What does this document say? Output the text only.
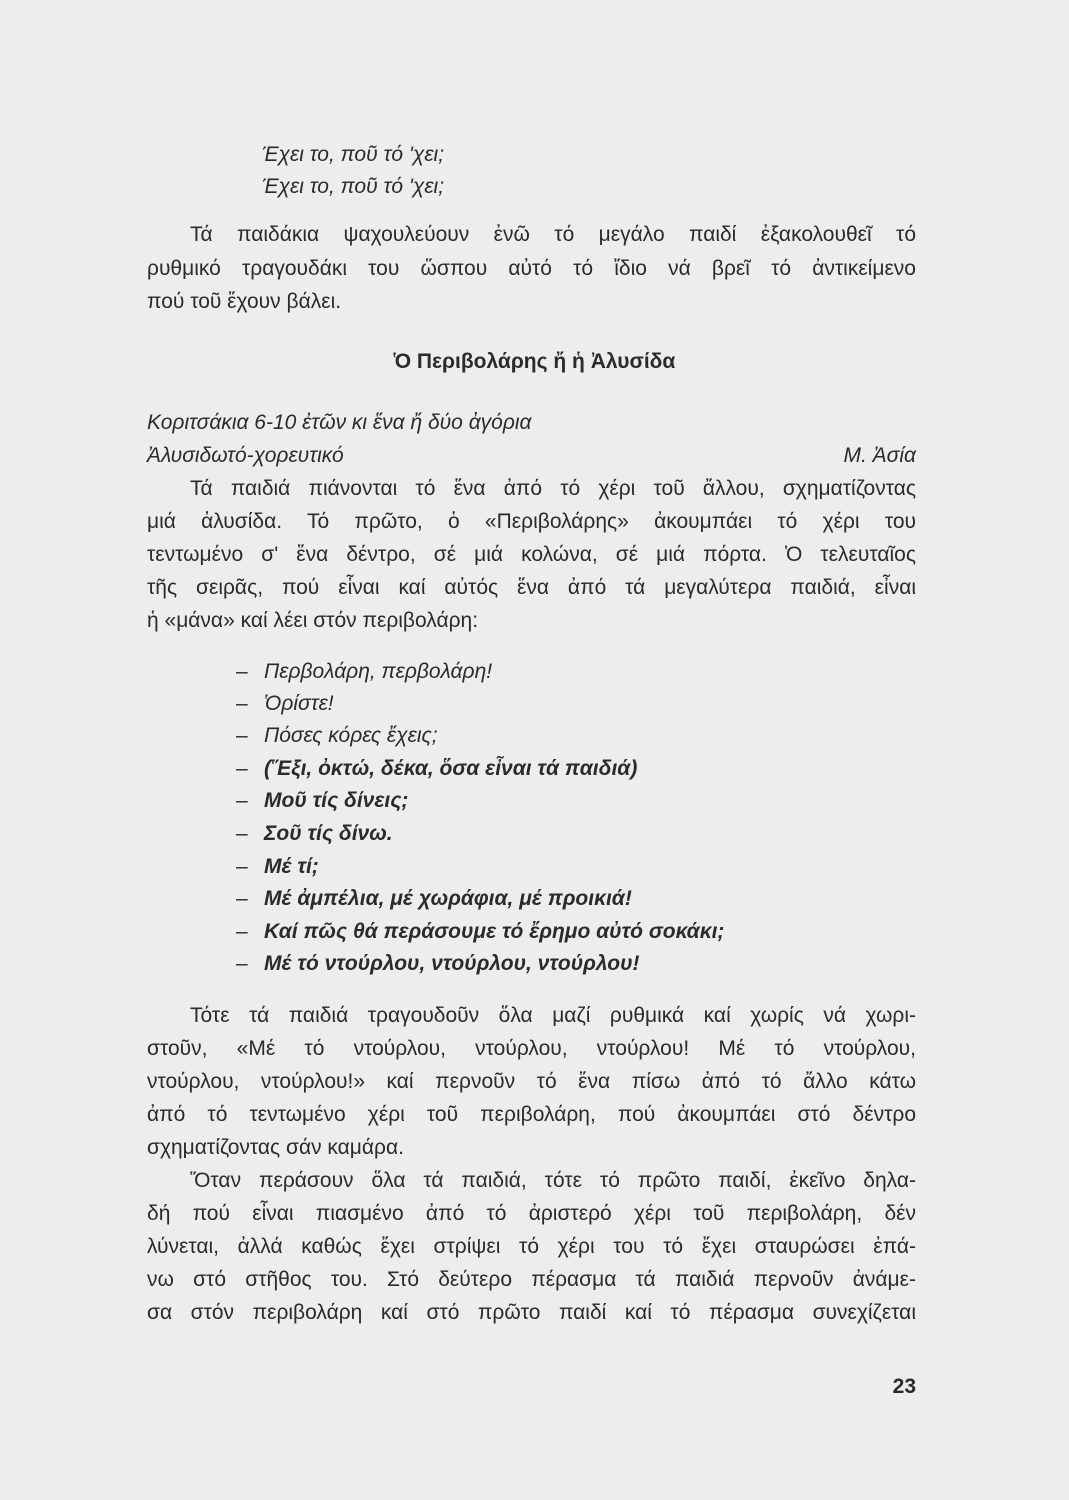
Έχει το, ποῦ τό 'χει;

Έχει το, ποῦ τό 'χει;

Τά παιδάκια ψαχουλεύουν ἐνῶ τό μεγάλο παιδί ἐξακολουθεῖ τό

ρυθμικό τραγουδάκι του ὥσπου αὐτό τό ἴδιο νά βρεῖ τό ἀντικείμενο

πού τοῦ ἔχουν βάλει.

Ὁ Περιβολάρης ἤ ἡ Ἀλυσίδα

Κοριτσάκια 6-10 ἐτῶν κι ἕνα ἤ δύο ἀγόρια

Ἀλυσιδωτό-χορευτικό	Μ. Ἀσία

Τά παιδιά πιάνονται τό ἕνα ἀπό τό χέρι τοῦ ἄλλου, σχηματίζοντας

μιά ἀλυσίδα. Τό πρῶτο, ὁ «Περιβολάρης» ἀκουμπάει τό χέρι του

τεντωμένο σ' ἕνα δέντρο, σέ μιά κολώνα, σέ μιά πόρτα. Ὁ τελευταῖος

τῆς σειρᾶς, πού εἶναι καί αὐτός ἕνα ἀπό τά μεγαλύτερα παιδιά, εἶναι

ἡ «μάνα» καί λέει στόν περιβολάρη:

– Περβολάρη, περβολάρη!
– Ὁρίστε!
– Πόσες κόρες ἔχεις;
– (Ἕξι, ὀκτώ, δέκα, ὅσα εἶναι τά παιδιά)
– Μοῦ τίς δίνεις;
– Σοῦ τίς δίνω.
– Μέ τί;
– Μέ ἀμπέλια, μέ χωράφια, μέ προικιά!
– Καί πῶς θά περάσουμε τό ἔρημο αὐτό σοκάκι;
– Μέ τό ντούρλου, ντούρλου, ντούρλου!

Τότε τά παιδιά τραγουδοῦν ὅλα μαζί ρυθμικά καί χωρίς νά χωρι-

στοῦν, «Μέ τό ντούρλου, ντούρλου, ντούρλου! Μέ τό ντούρλου,

ντούρλου, ντούρλου!» καί περνοῦν τό ἕνα πίσω ἀπό τό ἄλλο κάτω

ἀπό τό τεντωμένο χέρι τοῦ περιβολάρη, πού ἀκουμπάει στό δέντρο

σχηματίζοντας σάν καμάρα.

Ὅταν περάσουν ὅλα τά παιδιά, τότε τό πρῶτο παιδί, ἐκεῖνο δηλα-

δή πού εἶναι πιασμένο ἀπό τό ἀριστερό χέρι τοῦ περιβολάρη, δέν

λύνεται, ἀλλά καθώς ἔχει στρίψει τό χέρι του τό ἔχει σταυρώσει ἐπά-

νω στό στῆθος του. Στό δεύτερο πέρασμα τά παιδιά περνοῦν ἀνάμε-

σα στόν περιβολάρη καί στό πρῶτο παιδί καί τό πέρασμα συνεχίζεται

23
